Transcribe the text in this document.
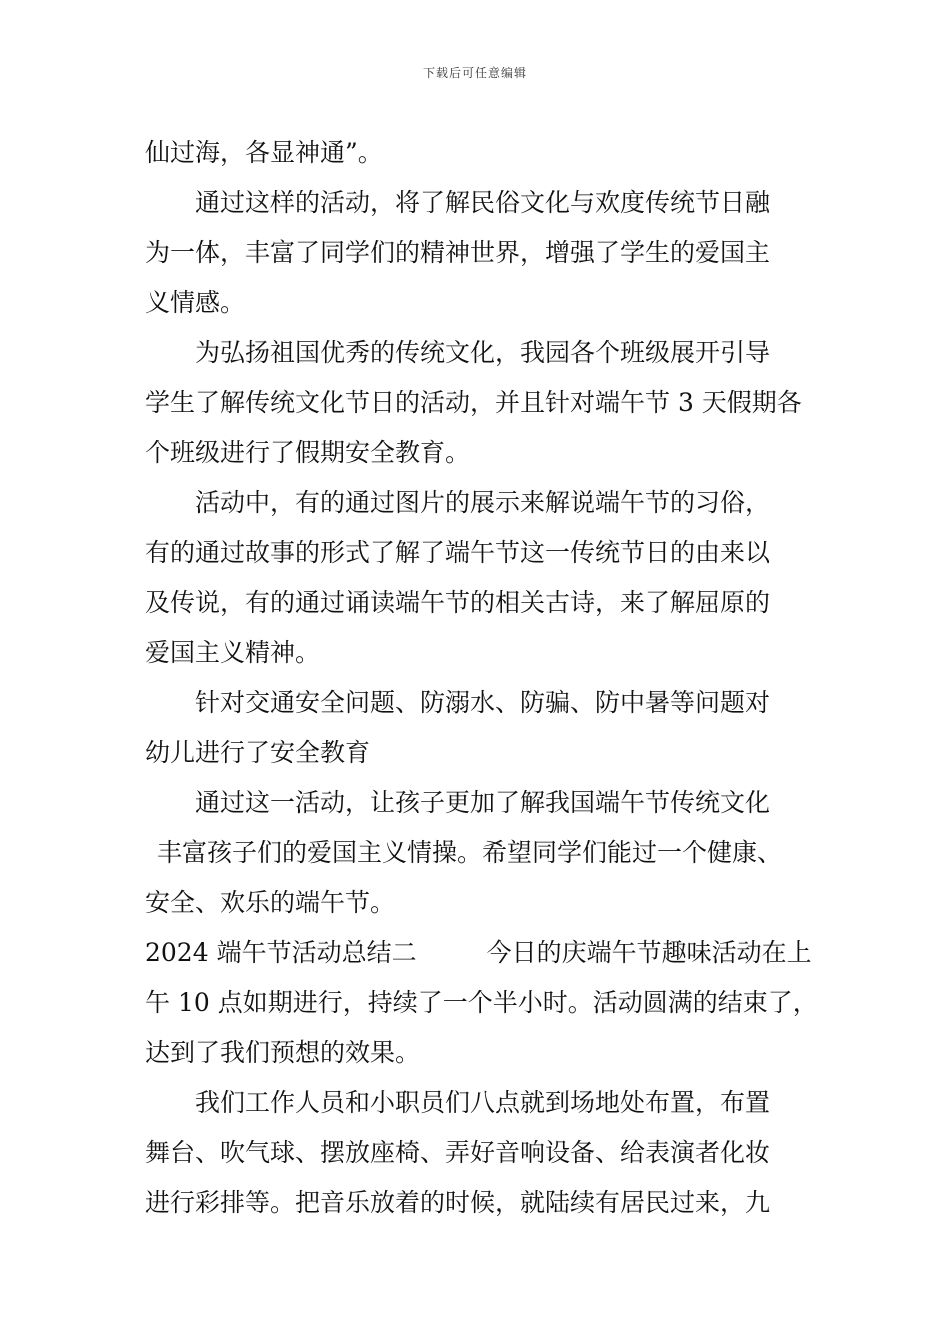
下载后可任意编辑
仙过海，各显神通”。
通过这样的活动，将了解民俗文化与欢度传统节日融
为一体，丰富了同学们的精神世界，增强了学生的爱国主
义情感。
为弘扬祖国优秀的传统文化，我园各个班级展开引导
学生了解传统文化节日的活动，并且针对端午节 3 天假期各
个班级进行了假期安全教育。
活动中，有的通过图片的展示来解说端午节的习俗，
有的通过故事的形式了解了端午节这一传统节日的由来以
及传说，有的通过诵读端午节的相关古诗，来了解屈原的
爱国主义精神。
针对交通安全问题、防溺水、防骗、防中暑等问题对
幼儿进行了安全教育
通过这一活动，让孩子更加了解我国端午节传统文化
丰富孩子们的爱国主义情操。希望同学们能过一个健康、
安全、欢乐的端午节。
2024 端午节活动总结二	今日的庆端午节趣味活动在上
午 10 点如期进行，持续了一个半小时。活动圆满的结束了，
达到了我们预想的效果。
我们工作人员和小职员们八点就到场地处布置，布置
舞台、吹气球、摆放座椅、弄好音响设备、给表演者化妆
进行彩排等。把音乐放着的时候，就陆续有居民过来，九
